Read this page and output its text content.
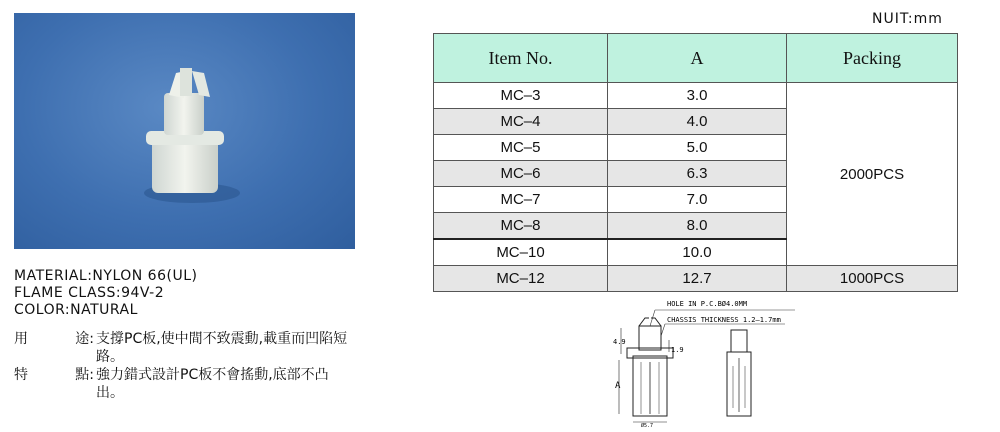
MATERIAL:NYLON 66(UL)
FLAME CLASS:94V-2
COLOR:NATURAL
用	途: 支撐PC板,使中間不致震動,載重而凹陷短路。
特	點: 強力錯式設計PC板不會搖動,底部不凸出。
NUIT:mm
Item No.	A	Packing
MC–3	3.0	2000PCS
MC–4	4.0	
MC–5	5.0	
MC–6	6.3	
MC–7	7.0	
MC–8	8.0	
MC–10	10.0	
MC–12	12.7	1000PCS
HOLE IN P.C.BØ4.0MM
CHASSIS THICKNESS 1.2–1.7mm
4.9
1.9
A
Ø5.7
